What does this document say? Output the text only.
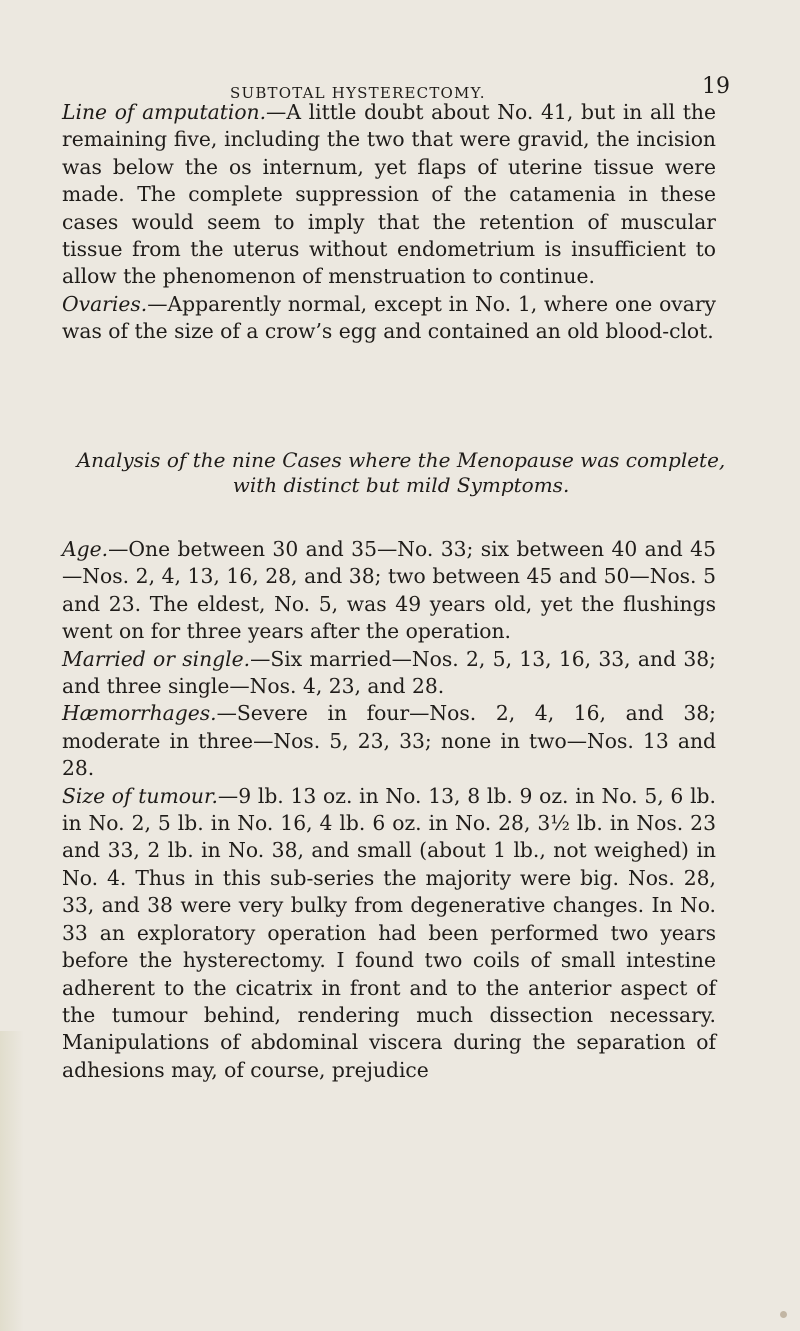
SUBTOTAL HYSTERECTOMY.	19

Line of amputation.—A little doubt about No. 41, but in all the remaining five, including the two that were gravid, the incision was below the os internum, yet flaps of uterine tissue were made. The complete suppression of the catamenia in these cases would seem to imply that the retention of muscular tissue from the uterus without endometrium is insufficient to allow the phenomenon of menstruation to continue.

Ovaries.—Apparently normal, except in No. 1, where one ovary was of the size of a crow’s egg and contained an old blood-clot.

Analysis of the nine Cases where the Menopause was complete, with distinct but mild Symptoms.

Age.—One between 30 and 35—No. 33; six between 40 and 45—Nos. 2, 4, 13, 16, 28, and 38; two between 45 and 50—Nos. 5 and 23. The eldest, No. 5, was 49 years old, yet the flushings went on for three years after the operation.

Married or single.—Six married—Nos. 2, 5, 13, 16, 33, and 38; and three single—Nos. 4, 23, and 28.

Hæmorrhages.—Severe in four—Nos. 2, 4, 16, and 38; moderate in three—Nos. 5, 23, 33; none in two—Nos. 13 and 28.

Size of tumour.—9 lb. 13 oz. in No. 13, 8 lb. 9 oz. in No. 5, 6 lb. in No. 2, 5 lb. in No. 16, 4 lb. 6 oz. in No. 28, 3½ lb. in Nos. 23 and 33, 2 lb. in No. 38, and small (about 1 lb., not weighed) in No. 4. Thus in this sub-series the majority were big. Nos. 28, 33, and 38 were very bulky from degenerative changes. In No. 33 an exploratory operation had been performed two years before the hysterectomy. I found two coils of small intestine adherent to the cicatrix in front and to the anterior aspect of the tumour behind, rendering much dissection necessary. Manipulations of abdominal viscera during the separation of adhesions may, of course, prejudice
